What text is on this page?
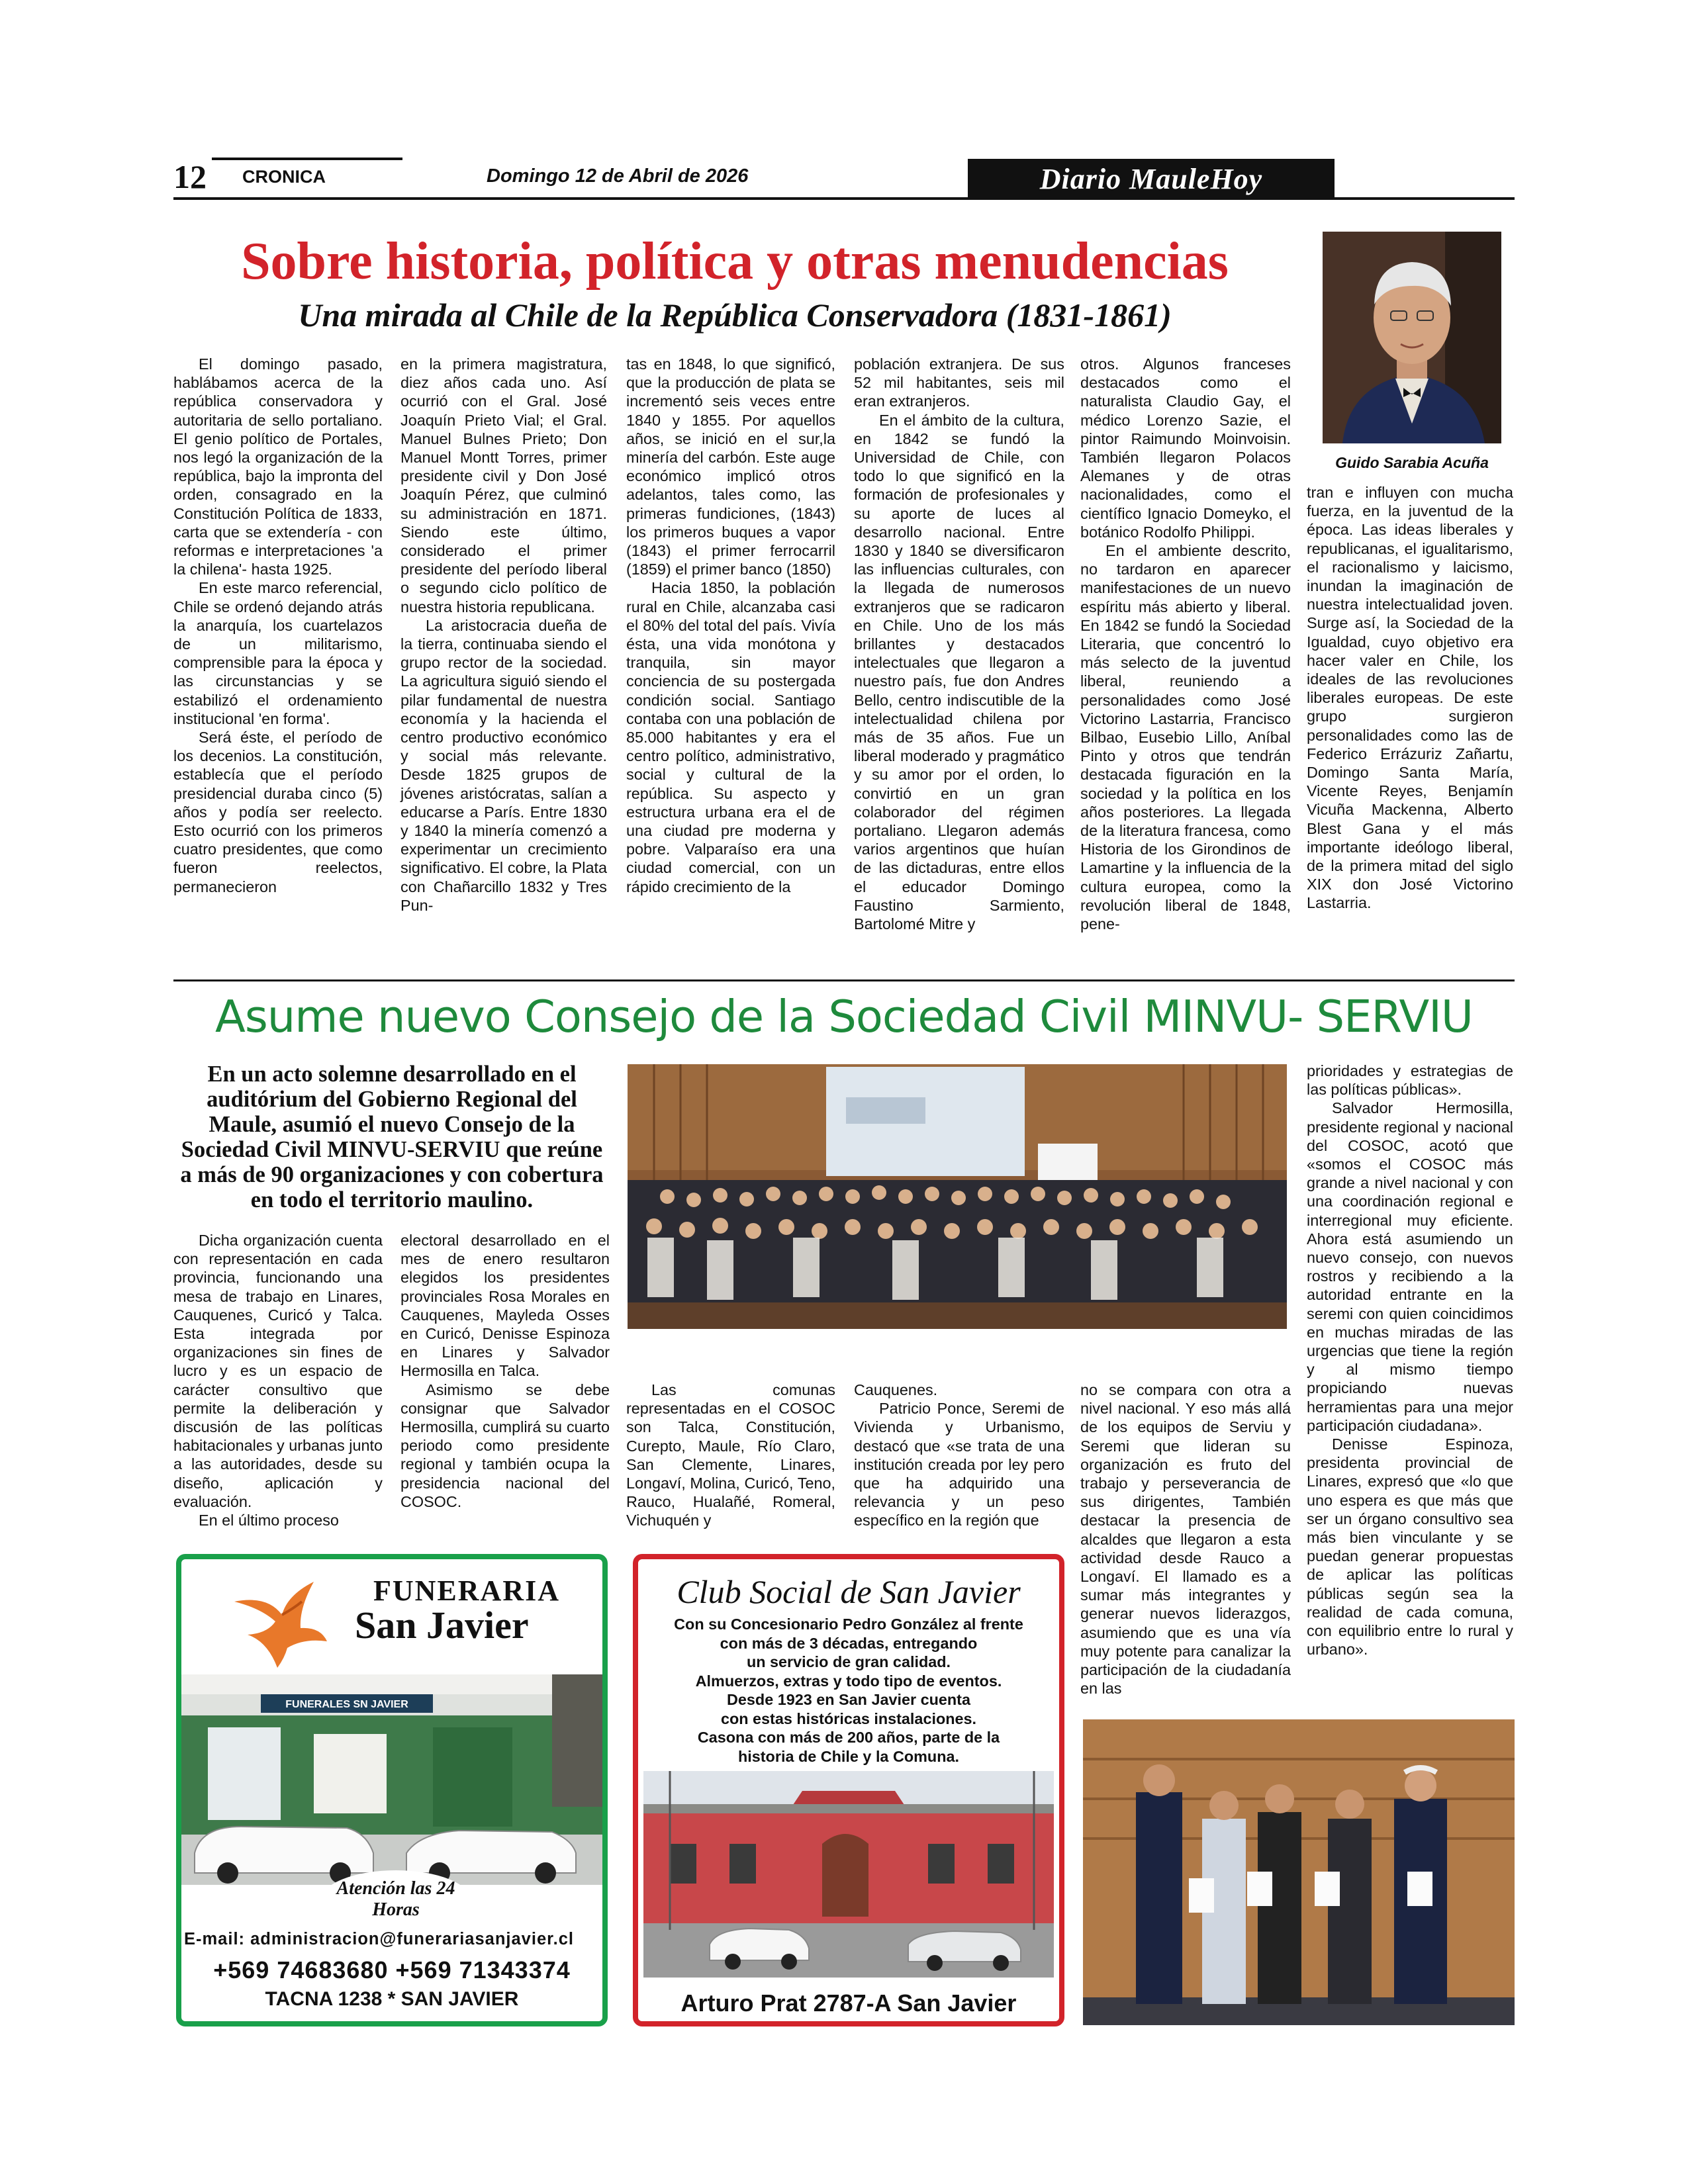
12 CRONICA	Domingo 12 de Abril de 2026	Diario MauleHoy
Sobre historia, política y otras menudencias
Una mirada al Chile de la República Conservadora (1831-1861)
Guido Sarabia Acuña

El domingo pasado, hablábamos acerca de la república conservadora y autoritaria de sello portaliano. El genio político de Portales, nos legó la organización de la república, bajo la impronta del orden, consagrado en la Constitución Política de 1833, carta que se extendería - con reformas e interpretaciones 'a la chilena'- hasta 1925.

En este marco referencial, Chile se ordenó dejando atrás la anarquía, los cuartelazos de un militarismo, comprensible para la época y las circunstancias y se estabilizó el ordenamiento institucional 'en forma'.

Será éste, el período de los decenios. La constitución, establecía que el período presidencial duraba cinco (5) años y podía ser reelecto. Esto ocurrió con los primeros cuatro presidentes, que como fueron reelectos, permanecieron

en la primera magistratura, diez años cada uno. Así ocurrió con el Gral. José Joaquín Prieto Vial; el Gral. Manuel Bulnes Prieto; Don Manuel Montt Torres, primer presidente civil y Don José Joaquín Pérez, que culminó su administración en 1871. Siendo este último, considerado el primer presidente del período liberal o segundo ciclo político de nuestra historia republicana.

La aristocracia dueña de la tierra, continuaba siendo el grupo rector de la sociedad. La agricultura siguió siendo el pilar fundamental de nuestra economía y la hacienda el centro productivo económico y social más relevante. Desde 1825 grupos de jóvenes aristócratas, salían a educarse a París. Entre 1830 y 1840 la minería comenzó a experimentar un crecimiento significativo. El cobre, la Plata con Chañarcillo 1832 y Tres Pun-

tas en 1848, lo que significó, que la producción de plata se incrementó seis veces entre 1840 y 1855. Por aquellos años, se inició en el sur,la minería del carbón. Este auge económico implicó otros adelantos, tales como, las primeras fundiciones, (1843) los primeros buques a vapor (1843) el primer ferrocarril (1859) el primer banco (1850)

Hacia 1850, la población rural en Chile, alcanzaba casi el 80% del total del país. Vivía ésta, una vida monótona y tranquila, sin mayor conciencia de su postergada condición social. Santiago contaba con una población de 85.000 habitantes y era el centro político, administrativo, social y cultural de la república. Su aspecto y estructura urbana era el de una ciudad pre moderna y pobre. Valparaíso era una ciudad comercial, con un rápido crecimiento de la

población extranjera. De sus 52 mil habitantes, seis mil eran extranjeros.

En el ámbito de la cultura, en 1842 se fundó la Universidad de Chile, con todo lo que significó en la formación de profesionales y su aporte de luces al desarrollo nacional. Entre 1830 y 1840 se diversificaron las influencias culturales, con la llegada de numerosos extranjeros que se radicaron en Chile. Uno de los más brillantes y destacados intelectuales que llegaron a nuestro país, fue don Andres Bello, centro indiscutible de la intelectualidad chilena por más de 35 años. Fue un liberal moderado y pragmático y su amor por el orden, lo convirtió en un gran colaborador del régimen portaliano. Llegaron además varios argentinos que huían de las dictaduras, entre ellos el educador Domingo Faustino Sarmiento, Bartolomé Mitre y

otros. Algunos franceses destacados como el naturalista Claudio Gay, el médico Lorenzo Sazie, el pintor Raimundo Moinvoisin. También llegaron Polacos Alemanes y de otras nacionalidades, como el científico Ignacio Domeyko, el botánico Rodolfo Philippi.

En el ambiente descrito, no tardaron en aparecer manifestaciones de un nuevo espíritu más abierto y liberal. En 1842 se fundó la Sociedad Literaria, que concentró lo más selecto de la juventud liberal, reuniendo a personalidades como José Victorino Lastarria, Francisco Bilbao, Eusebio Lillo, Aníbal Pinto y otros que tendrán destacada figuración en la sociedad y la política en los años posteriores. La llegada de la literatura francesa, como Historia de los Girondinos de Lamartine y la influencia de la cultura europea, como la revolución liberal de 1848, pene-

tran e influyen con mucha fuerza, en la juventud de la época. Las ideas liberales y republicanas, el igualitarismo, el racionalismo y laicismo, inundan la imaginación de nuestra intelectualidad joven. Surge así, la Sociedad de la Igualdad, cuyo objetivo era hacer valer en Chile, los ideales de las revoluciones liberales europeas. De este grupo surgieron personalidades como las de Federico Errázuriz Zañartu, Domingo Santa María, Vicente Reyes, Benjamín Vicuña Mackenna, Alberto Blest Gana y el más importante ideólogo liberal, de la primera mitad del siglo XIX don José Victorino Lastarria.

Asume nuevo Consejo de la Sociedad Civil MINVU- SERVIU
En un acto solemne desarrollado en el auditórium del Gobierno Regional del Maule, asumió el nuevo Consejo de la Sociedad Civil MINVU-SERVIU que reúne a más de 90 organizaciones y con cobertura en todo el territorio maulino.

Dicha organización cuenta con representación en cada provincia, funcionando una mesa de trabajo en Linares, Cauquenes, Curicó y Talca. Esta integrada por organizaciones sin fines de lucro y es un espacio de carácter consultivo que permite la deliberación y discusión de las políticas habitacionales y urbanas junto a las autoridades, desde su diseño, aplicación y evaluación.

En el último proceso

electoral desarrollado en el mes de enero resultaron elegidos los presidentes provinciales Rosa Morales en Cauquenes, Mayleda Osses en Curicó, Denisse Espinoza en Linares y Salvador Hermosilla en Talca.

Asimismo se debe consignar que Salvador Hermosilla, cumplirá su cuarto periodo como presidente regional y también ocupa la presidencia nacional del COSOC.

Las comunas representadas en el COSOC son Talca, Constitución, Curepto, Maule, Río Claro, San Clemente, Linares, Longaví, Molina, Curicó, Teno, Rauco, Hualañé, Romeral, Vichuquén y

Cauquenes.

Patricio Ponce, Seremi de Vivienda y Urbanismo, destacó que «se trata de una institución creada por ley pero que ha adquirido una relevancia y un peso específico en la región que

no se compara con otra a nivel nacional. Y eso más allá de los equipos de Serviu y Seremi que lideran su organización es fruto del trabajo y perseverancia de sus dirigentes, También destacar la presencia de alcaldes que llegaron a esta actividad desde Rauco a Longaví. El llamado es a sumar más integrantes y generar nuevos liderazgos, asumiendo que es una vía muy potente para canalizar la participación de la ciudadanía en las

prioridades y estrategias de las políticas públicas».

Salvador Hermosilla, presidente regional y nacional del COSOC, acotó que «somos el COSOC más grande a nivel nacional y con una coordinación regional e interregional muy eficiente. Ahora está asumiendo un nuevo consejo, con nuevos rostros y recibiendo a la autoridad entrante en la seremi con quien coincidimos en muchas miradas de las urgencias que tiene la región y al mismo tiempo propiciando nuevas herramientas para una mejor participación ciudadana».

Denisse Espinoza, presidenta provincial de Linares, expresó que «lo que uno espera es que más que ser un órgano consultivo sea más bien vinculante y se puedan generar propuestas de aplicar las políticas públicas según sea la realidad de cada comuna, con equilibrio entre lo rural y urbano».

FUNERARIA
San Javier
FUNERALES SN JAVIER
Atención las 24 Horas
E-mail: administracion@funerariasanjavier.cl
+569 74683680 +569 71343374
TACNA 1238 * SAN JAVIER
Club Social de San Javier
Con su Concesionario Pedro González al frente
con más de 3 décadas, entregando
un servicio de gran calidad.
Almuerzos, extras y todo tipo de eventos.
Desde 1923 en San Javier cuenta
con estas históricas instalaciones.
Casona con más de 200 años, parte de la
historia de Chile y la Comuna.
Arturo Prat 2787-A San Javier
